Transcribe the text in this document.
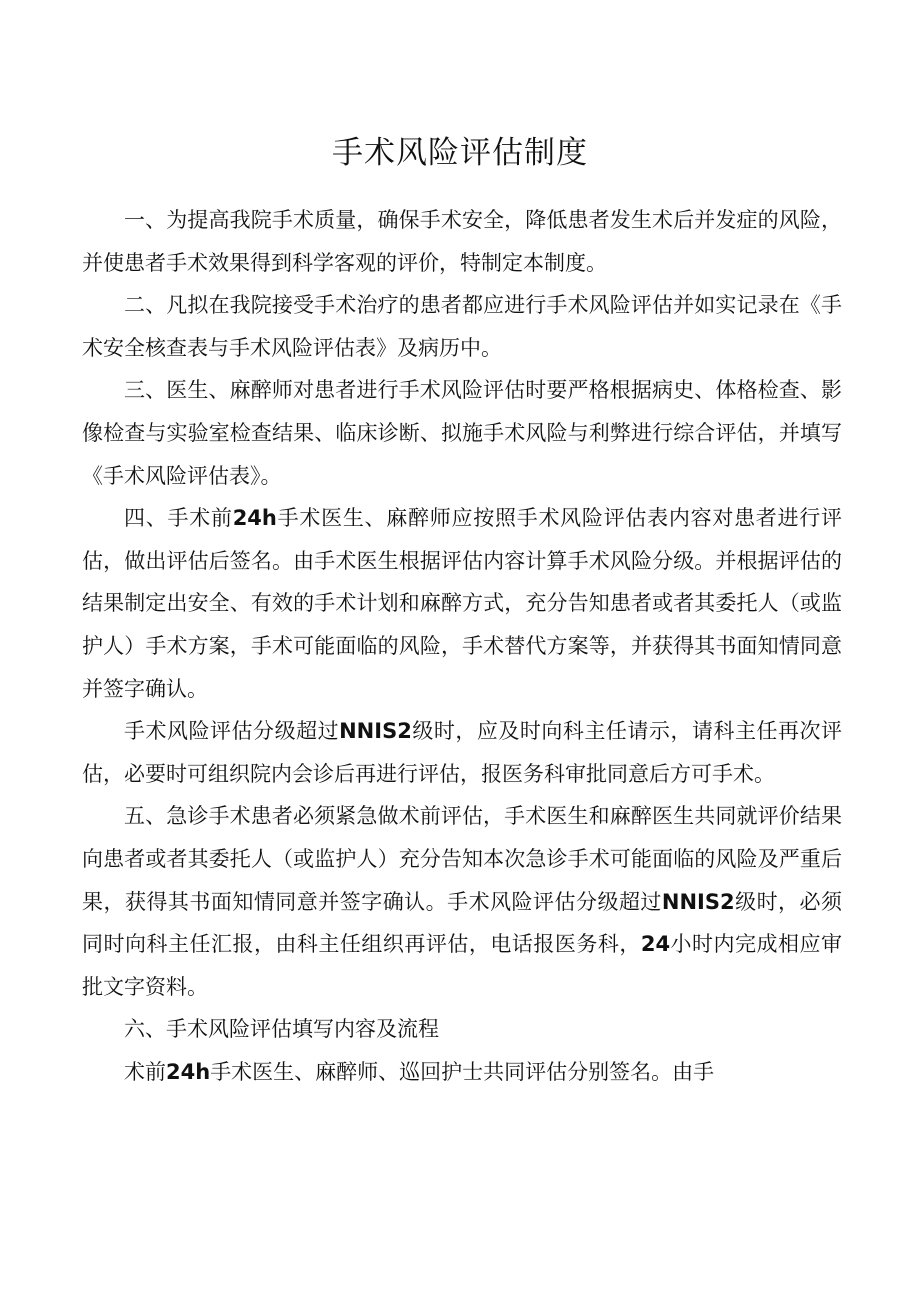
手术风险评估制度

一、为提高我院手术质量，确保手术安全，降低患者发生术后并发症的风险，并使患者手术效果得到科学客观的评价，特制定本制度。

二、凡拟在我院接受手术治疗的患者都应进行手术风险评估并如实记录在《手术安全核查表与手术风险评估表》及病历中。

三、医生、麻醉师对患者进行手术风险评估时要严格根据病史、体格检查、影像检查与实验室检查结果、临床诊断、拟施手术风险与利弊进行综合评估，并填写《手术风险评估表》。

四、手术前24h手术医生、麻醉师应按照手术风险评估表内容对患者进行评估，做出评估后签名。由手术医生根据评估内容计算手术风险分级。并根据评估的结果制定出安全、有效的手术计划和麻醉方式，充分告知患者或者其委托人（或监护人）手术方案，手术可能面临的风险，手术替代方案等，并获得其书面知情同意并签字确认。

手术风险评估分级超过NNIS2级时，应及时向科主任请示，请科主任再次评估，必要时可组织院内会诊后再进行评估，报医务科审批同意后方可手术。

五、急诊手术患者必须紧急做术前评估，手术医生和麻醉医生共同就评价结果向患者或者其委托人（或监护人）充分告知本次急诊手术可能面临的风险及严重后果，获得其书面知情同意并签字确认。手术风险评估分级超过NNIS2级时，必须同时向科主任汇报，由科主任组织再评估，电话报医务科，24小时内完成相应审批文字资料。

六、手术风险评估填写内容及流程

术前24h手术医生、麻醉师、巡回护士共同评估分别签名。由手
